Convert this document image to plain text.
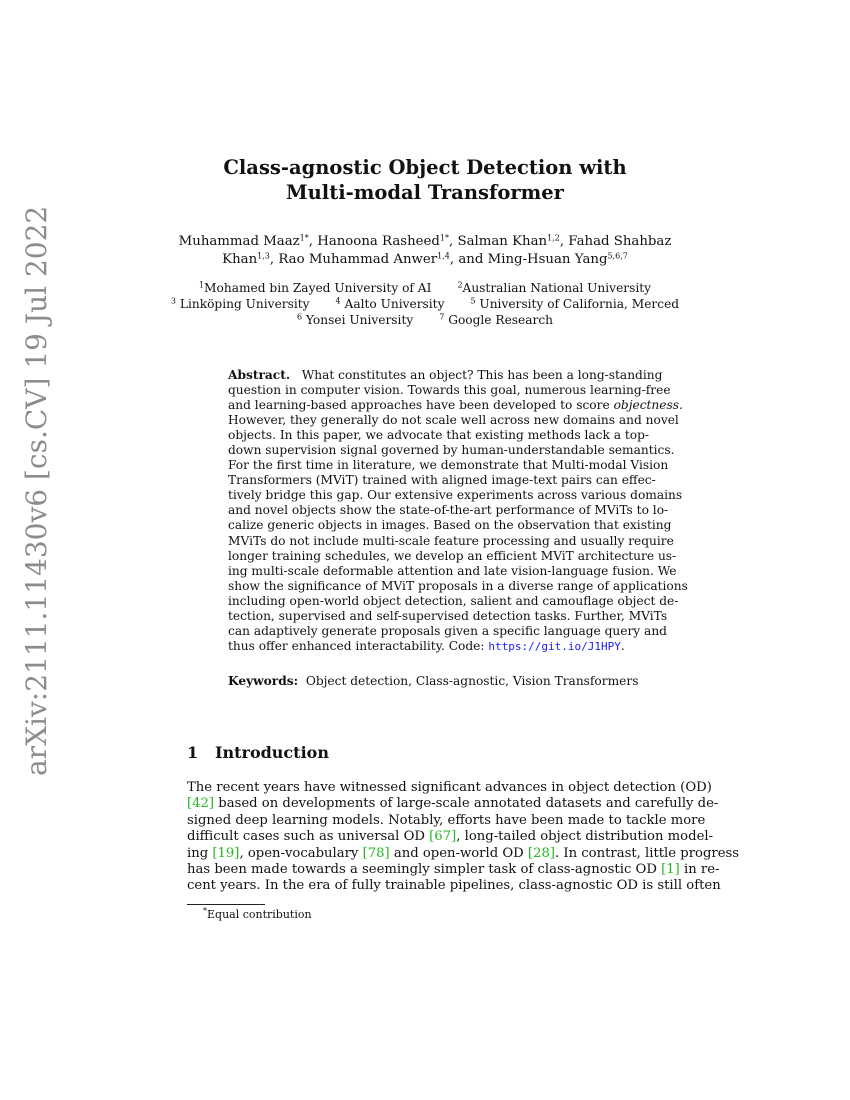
arXiv:2111.11430v6 [cs.CV] 19 Jul 2022
Class-agnostic Object Detection with
Multi-modal Transformer
Muhammad Maaz$^{1*}$, Hanoona Rasheed$^{1*}$, Salman Khan$^{1,2}$, Fahad Shahbaz
Khan$^{1,3}$, Rao Muhammad Anwer$^{1,4}$, and Ming-Hsuan Yang$^{5,6,7}$
$^1$Mohamed bin Zayed University of AI	$^2$Australian National University
$^3$ Linköping University	$^4$ Aalto University	$^5$ University of California, Merced
$^6$ Yonsei University	$^7$ Google Research
Abstract. What constitutes an object? This has been a long-standing
question in computer vision. Towards this goal, numerous learning-free
and learning-based approaches have been developed to score objectness.
However, they generally do not scale well across new domains and novel
objects. In this paper, we advocate that existing methods lack a top-
down supervision signal governed by human-understandable semantics.
For the first time in literature, we demonstrate that Multi-modal Vision
Transformers (MViT) trained with aligned image-text pairs can effec-
tively bridge this gap. Our extensive experiments across various domains
and novel objects show the state-of-the-art performance of MViTs to lo-
calize generic objects in images. Based on the observation that existing
MViTs do not include multi-scale feature processing and usually require
longer training schedules, we develop an efficient MViT architecture us-
ing multi-scale deformable attention and late vision-language fusion. We
show the significance of MViT proposals in a diverse range of applications
including open-world object detection, salient and camouflage object de-
tection, supervised and self-supervised detection tasks. Further, MViTs
can adaptively generate proposals given a specific language query and
thus offer enhanced interactability. Code: https://git.io/J1HPY.
Keywords: Object detection, Class-agnostic, Vision Transformers
1 Introduction
The recent years have witnessed significant advances in object detection (OD)
[42] based on developments of large-scale annotated datasets and carefully de-
signed deep learning models. Notably, efforts have been made to tackle more
difficult cases such as universal OD [67], long-tailed object distribution model-
ing [19], open-vocabulary [78] and open-world OD [28]. In contrast, little progress
has been made towards a seemingly simpler task of class-agnostic OD [1] in re-
cent years. In the era of fully trainable pipelines, class-agnostic OD is still often
*Equal contribution
